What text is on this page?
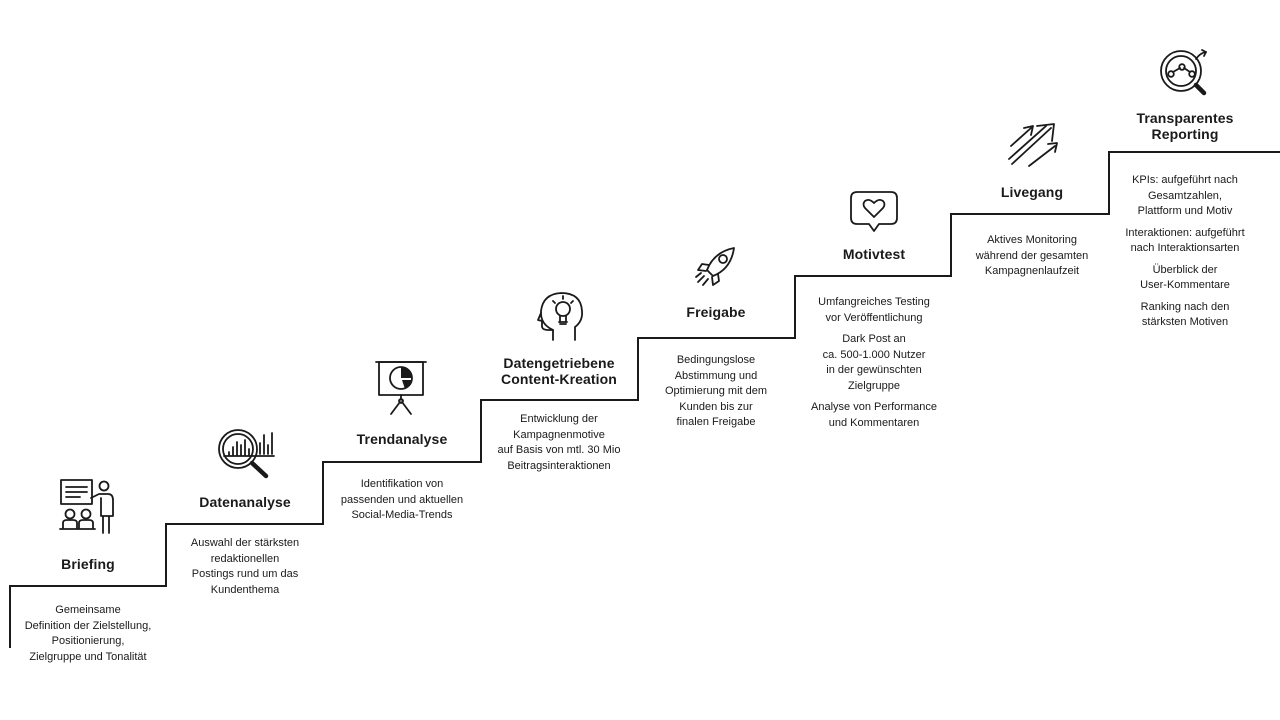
Briefing

Gemeinsame
Definition der Zielstellung,
Positionierung,
Zielgruppe und Tonalität

Datenanalyse

Auswahl der stärksten
redaktionellen
Postings rund um das
Kundenthema

Trendanalyse

Identifikation von
passenden und aktuellen
Social-Media-Trends

Datengetriebene
Content-Kreation

Entwicklung der
Kampagnenmotive
auf Basis von mtl. 30 Mio
Beitragsinteraktionen

Freigabe

Bedingungslose
Abstimmung und
Optimierung mit dem
Kunden bis zur
finalen Freigabe

Motivtest

Umfangreiches Testing
vor Veröffentlichung

Dark Post an
ca. 500-1.000 Nutzer
in der gewünschten
Zielgruppe

Analyse von Performance
und Kommentaren

Livegang

Aktives Monitoring
während der gesamten
Kampagnenlaufzeit

Transparentes
Reporting

KPIs: aufgeführt nach
Gesamtzahlen,
Plattform und Motiv

Interaktionen: aufgeführt
nach Interaktionsarten

Überblick der
User-Kommentare

Ranking nach den
stärksten Motiven
